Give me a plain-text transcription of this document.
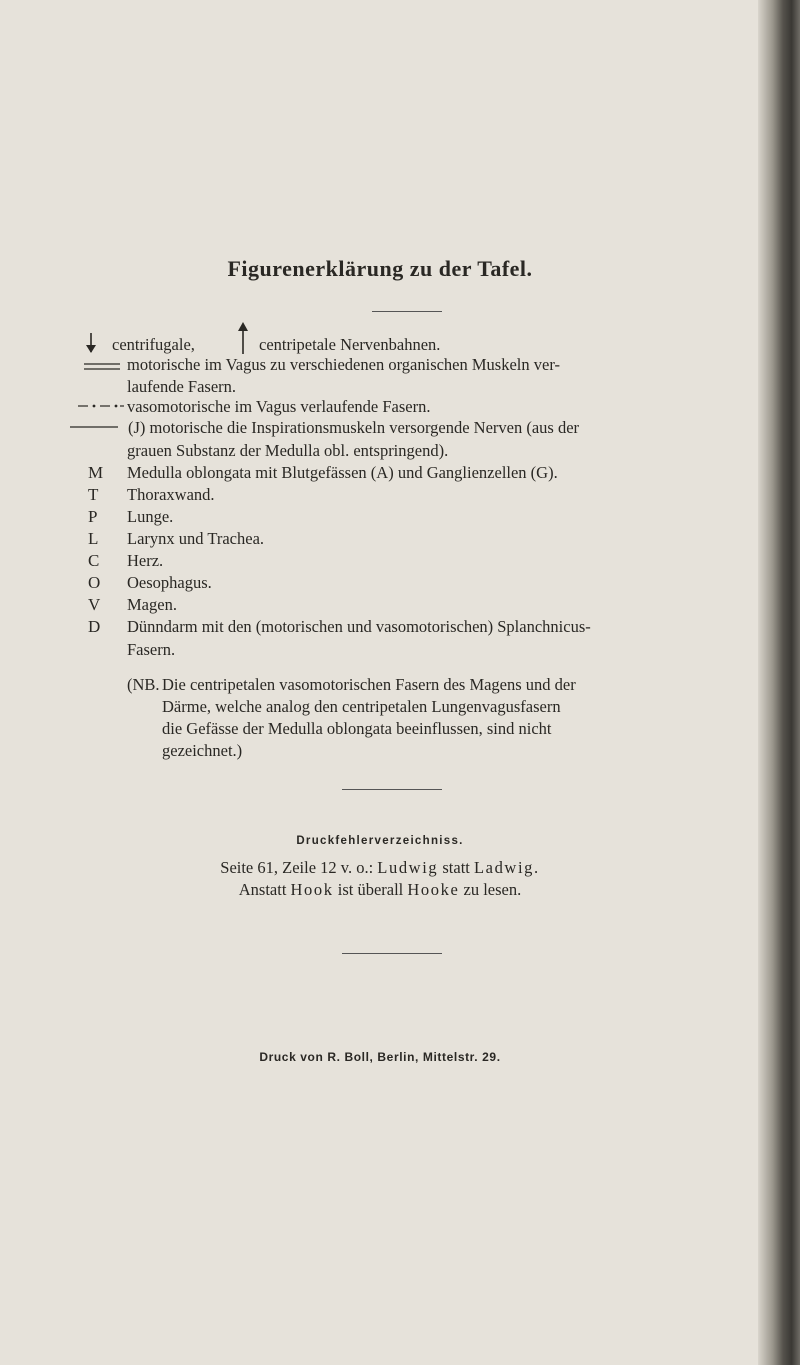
Figurenerklärung zu der Tafel.
centrifugale,	centripetale Nervenbahnen.
motorische im Vagus zu verschiedenen organischen Muskeln ver-
laufende Fasern.
vasomotorische im Vagus verlaufende Fasern.
(J) motorische die Inspirationsmuskeln versorgende Nerven (aus der
grauen Substanz der Medulla obl. entspringend).
M	Medulla oblongata mit Blutgefässen (A) und Ganglienzellen (G).
T	Thoraxwand.
P	Lunge.
L	Larynx und Trachea.
C	Herz.
O	Oesophagus.
V	Magen.
D	Dünndarm mit den (motorischen und vasomotorischen) Splanchnicus-
Fasern.
(NB. Die centripetalen vasomotorischen Fasern des Magens und der
Därme, welche analog den centripetalen Lungenvagusfasern
die Gefässe der Medulla oblongata beeinflussen, sind nicht
gezeichnet.)
Druckfehlerverzeichniss.
Seite 61, Zeile 12 v. o.: Ludwig statt Ladwig.
Anstatt Hook ist überall Hooke zu lesen.
Druck von R. Boll, Berlin, Mittelstr. 29.
